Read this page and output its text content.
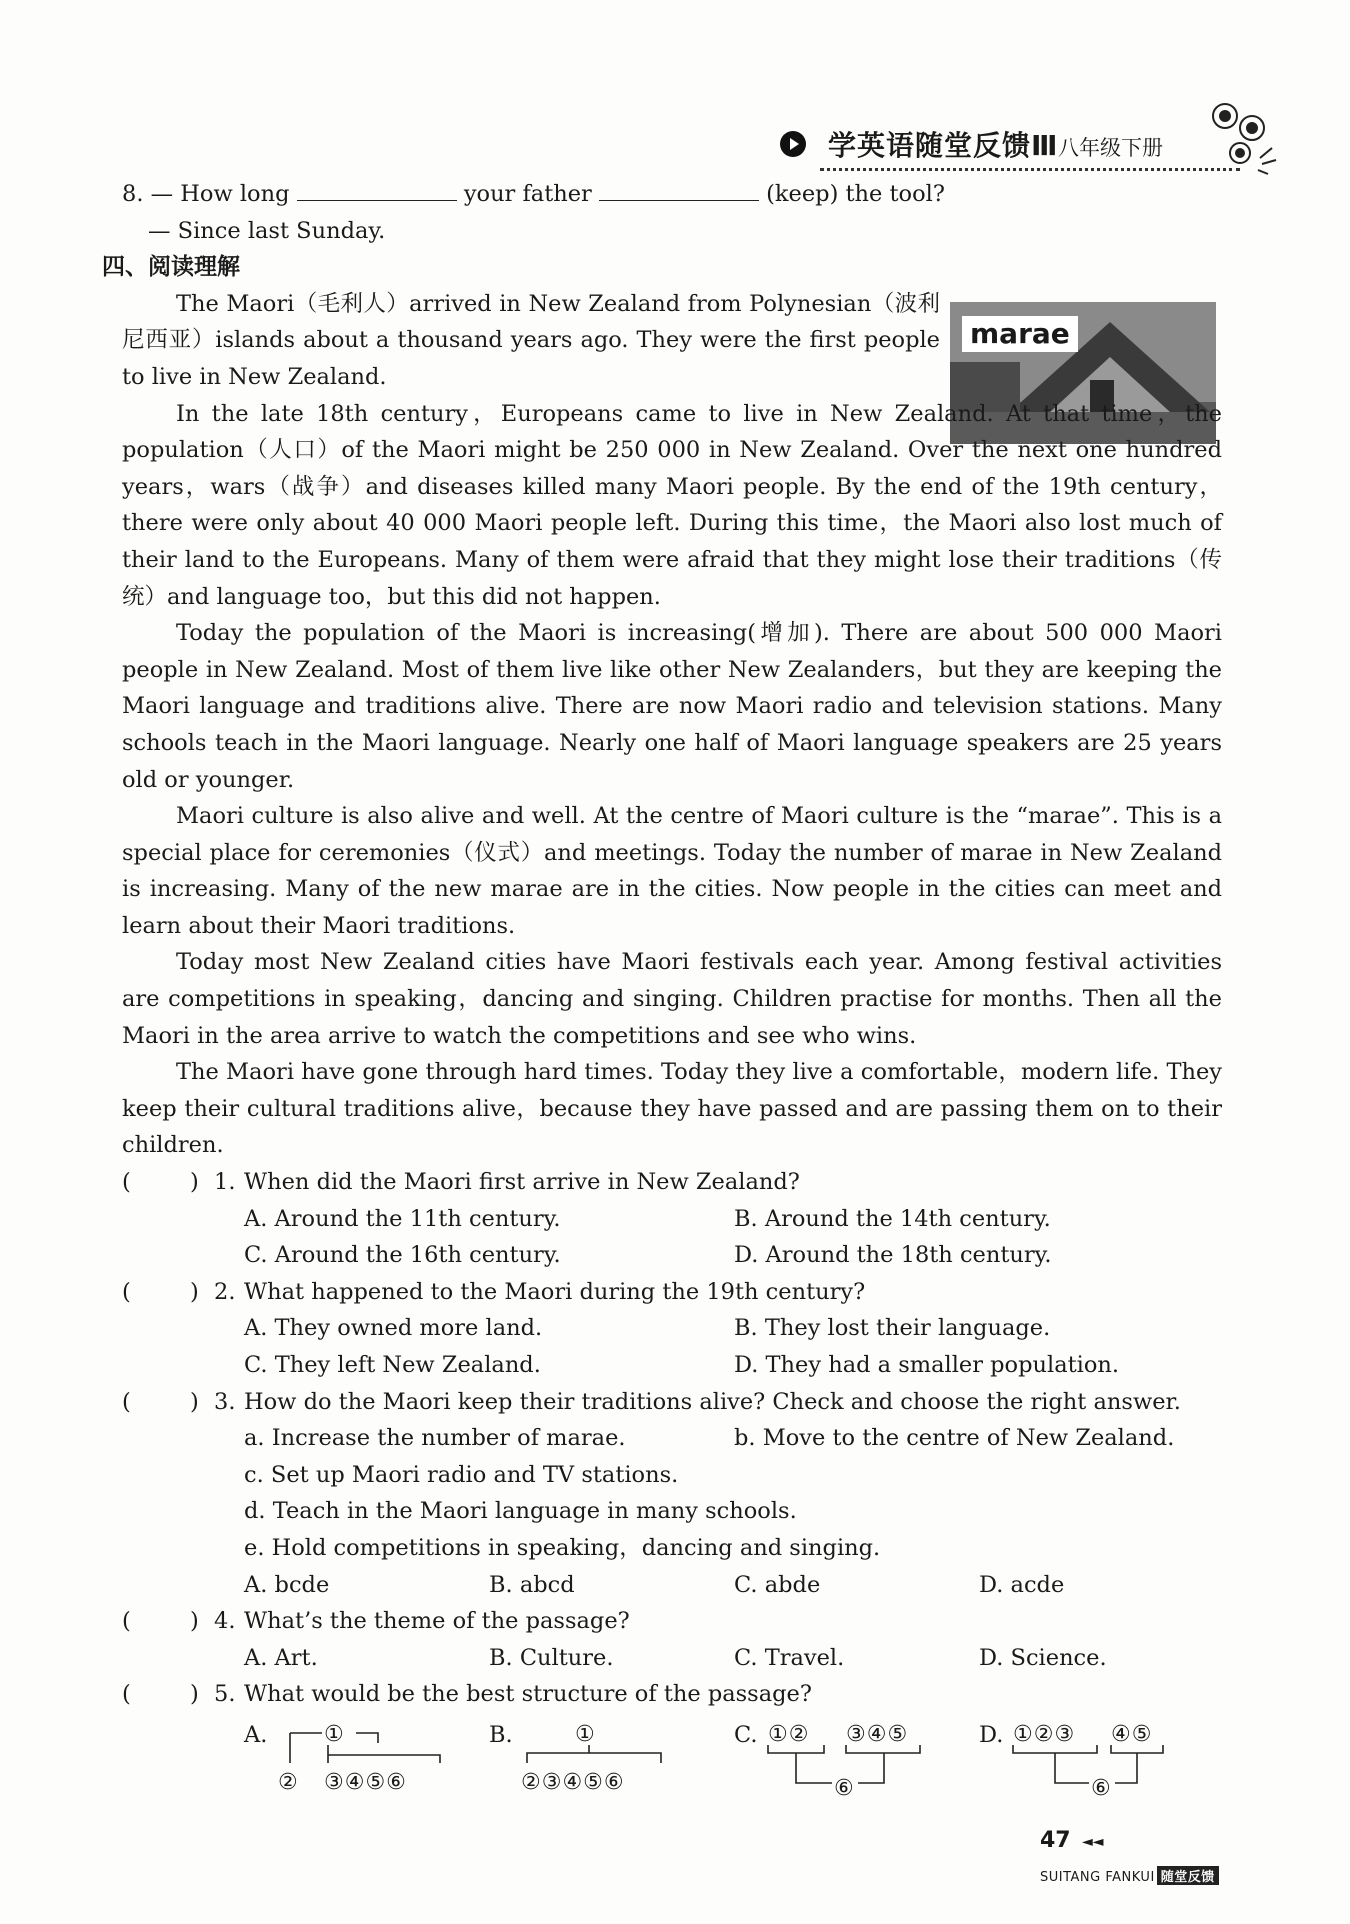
学英语随堂反馈Ⅲ 八年级下册
marae

8. — How long	your father	(keep) the tool?

— Since last Sunday.

四、阅读理解

The Maori（毛利人）arrived in New Zealand from Polynesian（波利尼西亚）islands about a thousand years ago. They were the first people to live in New Zealand.

In the late 18th century，Europeans came to live in New Zealand. At that time，the population（人口）of the Maori might be 250 000 in New Zealand. Over the next one hundred years，wars（战争）and diseases killed many Maori people. By the end of the 19th century，there were only about 40 000 Maori people left. During this time，the Maori also lost much of their land to the Europeans. Many of them were afraid that they might lose their traditions（传统）and language too，but this did not happen.

Today the population of the Maori is increasing(增加). There are about 500 000 Maori people in New Zealand. Most of them live like other New Zealanders，but they are keeping the Maori language and traditions alive. There are now Maori radio and television stations. Many schools teach in the Maori language. Nearly one half of Maori language speakers are 25 years old or younger.

Maori culture is also alive and well. At the centre of Maori culture is the “marae”. This is a special place for ceremonies（仪式）and meetings. Today the number of marae in New Zealand is increasing. Many of the new marae are in the cities. Now people in the cities can meet and learn about their Maori traditions.

Today most New Zealand cities have Maori festivals each year. Among festival activities are competitions in speaking，dancing and singing. Children practise for months. Then all the Maori in the area arrive to watch the competitions and see who wins.

The Maori have gone through hard times. Today they live a comfortable，modern life. They keep their cultural traditions alive，because they have passed and are passing them on to their children.

(	) 1. When did the Maori first arrive in New Zealand?
A. Around the 11th century.	B. Around the 14th century.
C. Around the 16th century.	D. Around the 18th century.
(	) 2. What happened to the Maori during the 19th century?
A. They owned more land.	B. They lost their language.
C. They left New Zealand.	D. They had a smaller population.
(	) 3. How do the Maori keep their traditions alive? Check and choose the right answer.
a. Increase the number of marae.	b. Move to the centre of New Zealand.
c. Set up Maori radio and TV stations.
d. Teach in the Maori language in many schools.
e. Hold competitions in speaking，dancing and singing.
A. bcde	B. abcd	C. abde	D. acde
(	) 4. What’s the theme of the passage?
A. Art.	B. Culture.	C. Travel.	D. Science.
(	) 5. What would be the best structure of the passage?
A.	①
② ③④⑤⑥
B.	①
②③④⑤⑥
C. ①② ③④⑤
⑥
D. ①②③ ④⑤
⑥
47 ◄◄
SUITANG FANKUI 随堂反馈
